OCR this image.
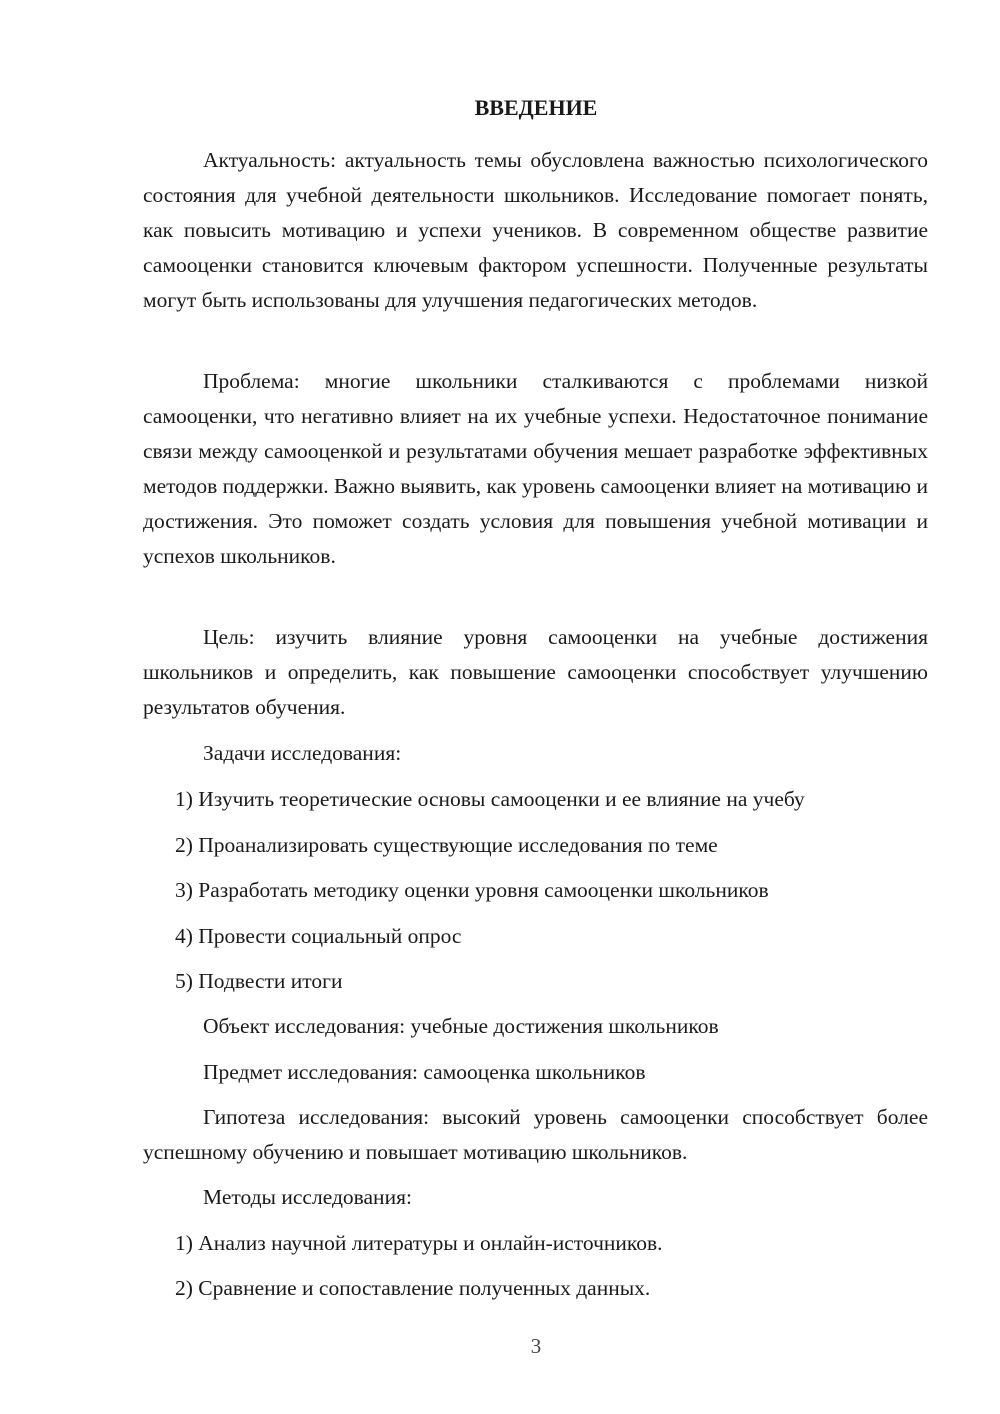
ВВЕДЕНИЕ

Актуальность: актуальность темы обусловлена важностью психологического состояния для учебной деятельности школьников. Исследование помогает понять, как повысить мотивацию и успехи учеников. В современном обществе развитие самооценки становится ключевым фактором успешности. Полученные результаты могут быть использованы для улучшения педагогических методов.

Проблема: многие школьники сталкиваются с проблемами низкой самооценки, что негативно влияет на их учебные успехи. Недостаточное понимание связи между самооценкой и результатами обучения мешает разработке эффективных методов поддержки. Важно выявить, как уровень самооценки влияет на мотивацию и достижения. Это поможет создать условия для повышения учебной мотивации и успехов школьников.

Цель: изучить влияние уровня самооценки на учебные достижения школьников и определить, как повышение самооценки способствует улучшению результатов обучения.

Задачи исследования:

1) Изучить теоретические основы самооценки и ее влияние на учебу

2) Проанализировать существующие исследования по теме

3) Разработать методику оценки уровня самооценки школьников

4) Провести социальный опрос

5) Подвести итоги

Объект исследования: учебные достижения школьников

Предмет исследования: самооценка школьников

Гипотеза исследования: высокий уровень самооценки способствует более успешному обучению и повышает мотивацию школьников.

Методы исследования:

1) Анализ научной литературы и онлайн-источников.

2) Сравнение и сопоставление полученных данных.

3
